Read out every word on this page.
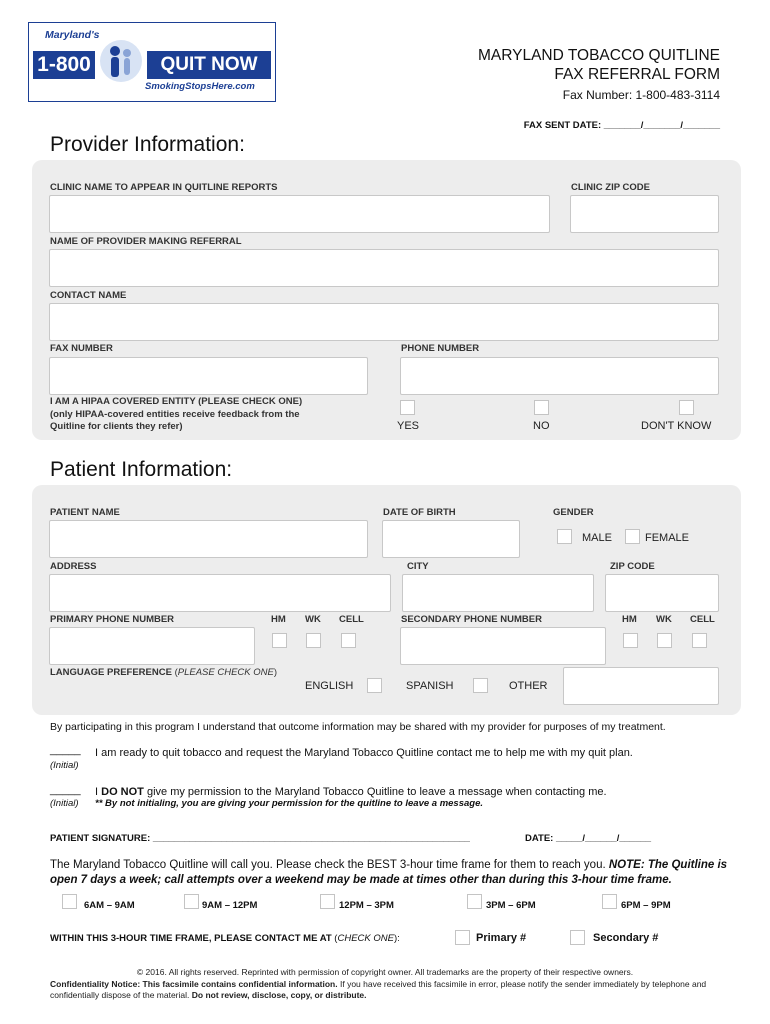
Maryland's
1-800	QUIT NOW
SmokingStopsHere.com
MARYLAND TOBACCO QUITLINE
FAX REFERRAL FORM
Fax Number: 1-800-483-3114
FAX SENT DATE: _______/_______/_______
Provider Information:
CLINIC NAME TO APPEAR IN QUITLINE REPORTS	CLINIC ZIP CODE
NAME OF PROVIDER MAKING REFERRAL
CONTACT NAME
FAX NUMBER	PHONE NUMBER
I AM A HIPAA COVERED ENTITY (PLEASE CHECK ONE)
(only HIPAA-covered entities receive feedback from the
Quitline for clients they refer)	YES	NO	DON'T KNOW
Patient Information:
PATIENT NAME	DATE OF BIRTH	GENDER
MALE	FEMALE
ADDRESS	CITY	ZIP CODE
PRIMARY PHONE NUMBER	HM WK CELL	SECONDARY PHONE NUMBER	HM WK CELL
LANGUAGE PREFERENCE (PLEASE CHECK ONE)
ENGLISH	SPANISH	OTHER
By participating in this program I understand that outcome information may be shared with my provider for purposes of my treatment.
_____ I am ready to quit tobacco and request the Maryland Tobacco Quitline contact me to help me with my quit plan.
(Initial)
_____ I DO NOT give my permission to the Maryland Tobacco Quitline to leave a message when contacting me.
(Initial) ** By not initialing, you are giving your permission for the quitline to leave a message.
PATIENT SIGNATURE: ____________________________________________________________	DATE: _____/______/______
The Maryland Tobacco Quitline will call you. Please check the BEST 3-hour time frame for them to reach you. NOTE: The Quitline is open 7 days a week; call attempts over a weekend may be made at times other than during this 3-hour time frame.
6AM – 9AM	9AM – 12PM	12PM – 3PM	3PM – 6PM	6PM – 9PM
WITHIN THIS 3-HOUR TIME FRAME, PLEASE CONTACT ME AT (CHECK ONE):	Primary #	Secondary #
© 2016. All rights reserved. Reprinted with permission of copyright owner. All trademarks are the property of their respective owners.
Confidentiality Notice: This facsimile contains confidential information. If you have received this facsimile in error, please notify the sender immediately by telephone and confidentially dispose of the material. Do not review, disclose, copy, or distribute.
